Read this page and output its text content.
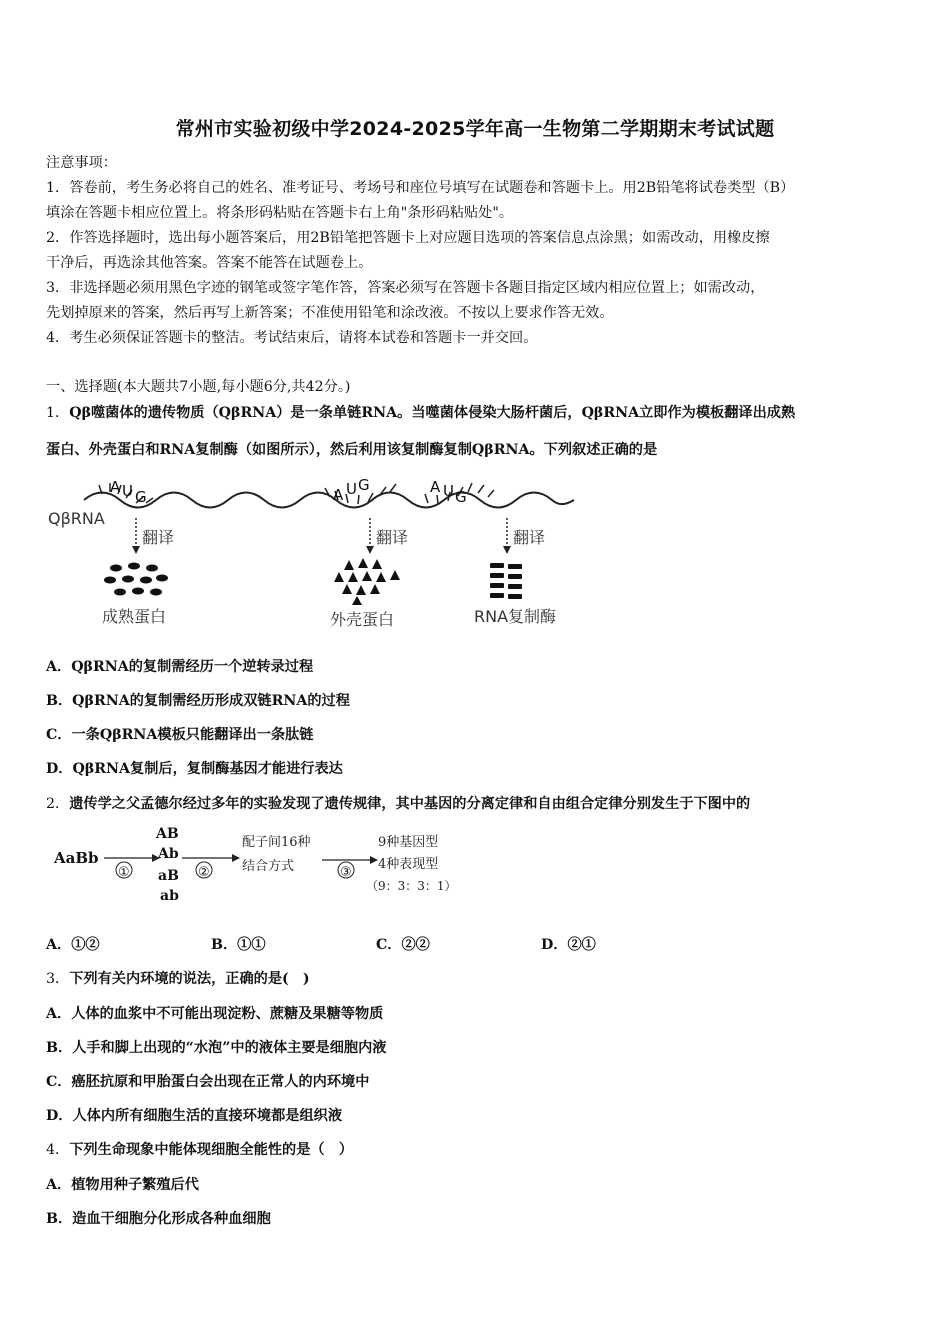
常州市实验初级中学2024-2025学年高一生物第二学期期末考试试题
注意事项：
1．答卷前，考生务必将自己的姓名、准考证号、考场号和座位号填写在试题卷和答题卡上。用2B铅笔将试卷类型（B）
填涂在答题卡相应位置上。将条形码粘贴在答题卡右上角"条形码粘贴处"。
2．作答选择题时，选出每小题答案后，用2B铅笔把答题卡上对应题目选项的答案信息点涂黑；如需改动，用橡皮擦
干净后，再选涂其他答案。答案不能答在试题卷上。
3．非选择题必须用黑色字迹的钢笔或签字笔作答，答案必须写在答题卡各题目指定区域内相应位置上；如需改动，
先划掉原来的答案，然后再写上新答案；不准使用铅笔和涂改液。不按以上要求作答无效。
4．考生必须保证答题卡的整洁。考试结束后，请将本试卷和答题卡一并交回。
一、选择题(本大题共7小题,每小题6分,共42分。)
1．Qβ噬菌体的遗传物质（QβRNA）是一条单链RNA。当噬菌体侵染大肠杆菌后，QβRNA立即作为模板翻译出成熟
蛋白、外壳蛋白和RNA复制酶（如图所示），然后利用该复制酶复制QβRNA。下列叙述正确的是
A U G	A U G	A U G
QβRNA
翻译	翻译	翻译
成熟蛋白	外壳蛋白	RNA复制酶
A．QβRNA的复制需经历一个逆转录过程
B．QβRNA的复制需经历形成双链RNA的过程
C．一条QβRNA模板只能翻译出一条肽链
D．QβRNA复制后，复制酶基因才能进行表达
2．遗传学之父孟德尔经过多年的实验发现了遗传规律，其中基因的分离定律和自由组合定律分别发生于下图中的
AaBb
①
AB
Ab
aB
ab
②
配子间16种
结合方式	③
9种基因型
4种表现型
（9：3：3：1）
A．①②	B．①①	C．②②	D．②①
3．下列有关内环境的说法，正确的是(　)
A．人体的血浆中不可能出现淀粉、蔗糖及果糖等物质
B．人手和脚上出现的“水泡”中的液体主要是细胞内液
C．癌胚抗原和甲胎蛋白会出现在正常人的内环境中
D．人体内所有细胞生活的直接环境都是组织液
4．下列生命现象中能体现细胞全能性的是（　）
A．植物用种子繁殖后代
B．造血干细胞分化形成各种血细胞
